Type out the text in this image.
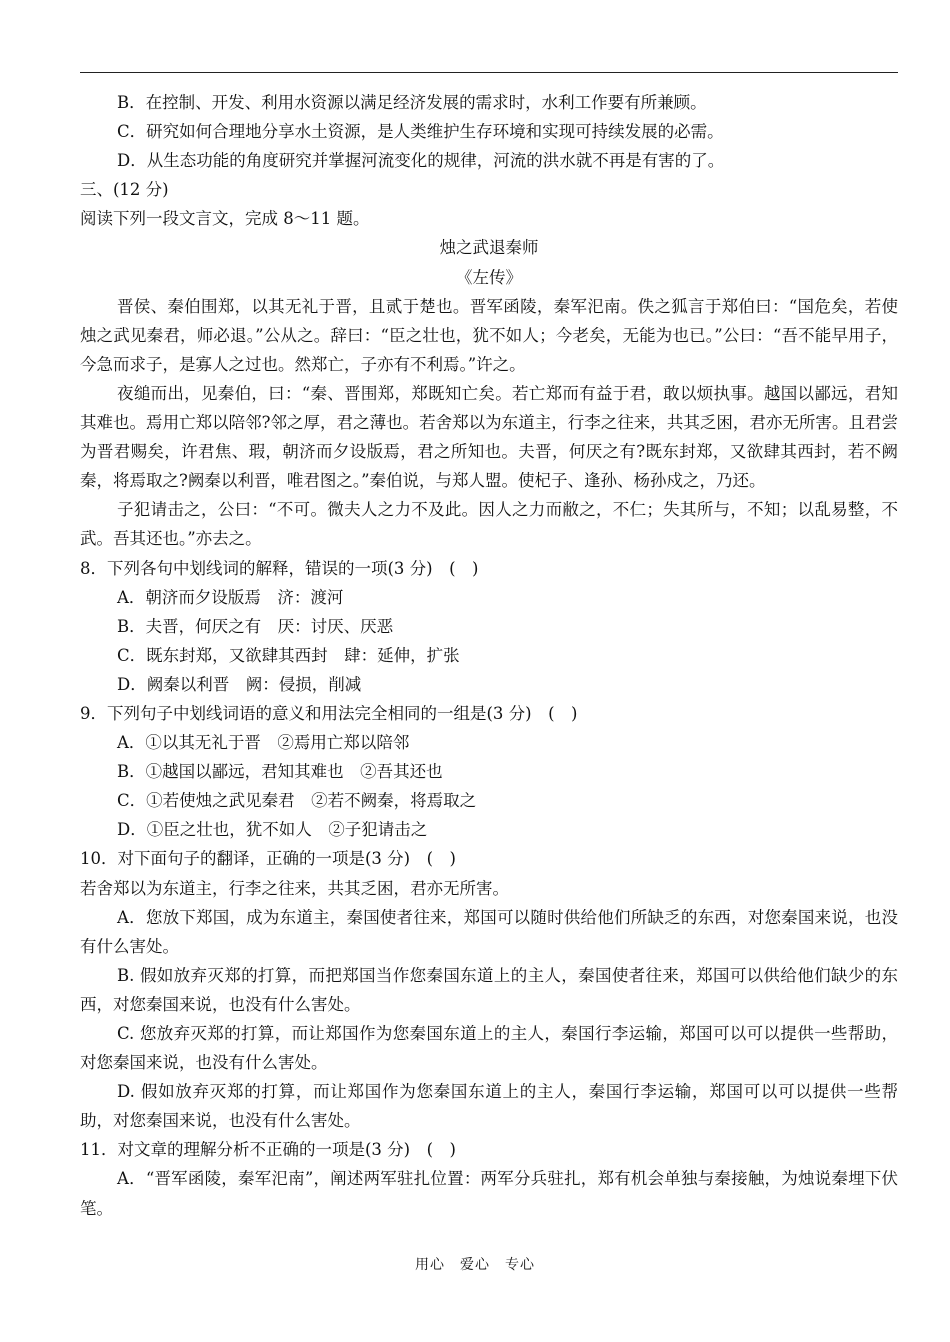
B．在控制、开发、利用水资源以满足经济发展的需求时，水利工作要有所兼顾。
C．研究如何合理地分享水土资源，是人类维护生存环境和实现可持续发展的必需。
D．从生态功能的角度研究并掌握河流变化的规律，河流的洪水就不再是有害的了。
三、(12 分)
阅读下列一段文言文，完成 8～11 题。
烛之武退秦师
《左传》
晋侯、秦伯围郑，以其无礼于晋，且贰于楚也。晋军函陵，秦军汜南。佚之狐言于郑伯曰：“国危矣，若使烛之武见秦君，师必退。”公从之。辞曰：“臣之壮也，犹不如人；今老矣，无能为也已。”公曰：“吾不能早用子，今急而求子，是寡人之过也。然郑亡，子亦有不利焉。”许之。
夜缒而出，见秦伯，曰：“秦、晋围郑，郑既知亡矣。若亡郑而有益于君，敢以烦执事。越国以鄙远，君知其难也。焉用亡郑以陪邻?邻之厚，君之薄也。若舍郑以为东道主，行李之往来，共其乏困，君亦无所害。且君尝为晋君赐矣，许君焦、瑕，朝济而夕设版焉，君之所知也。夫晋，何厌之有?既东封郑，又欲肆其西封，若不阙秦，将焉取之?阙秦以利晋，唯君图之。”秦伯说，与郑人盟。使杞子、逢孙、杨孙戍之，乃还。
子犯请击之，公曰：“不可。微夫人之力不及此。因人之力而敝之，不仁；失其所与，不知；以乱易整，不武。吾其还也。”亦去之。
8．下列各句中划线词的解释，错误的一项(3 分)　(　)
A．朝济而夕设版焉　济：渡河
B．夫晋，何厌之有　厌：讨厌、厌恶
C．既东封郑，又欲肆其西封　肆：延伸，扩张
D．阙秦以利晋　阙：侵损，削减
9．下列句子中划线词语的意义和用法完全相同的一组是(3 分)　(　)
A．①以其无礼于晋　②焉用亡郑以陪邻
B．①越国以鄙远，君知其难也　②吾其还也
C．①若使烛之武见秦君　②若不阙秦，将焉取之
D．①臣之壮也，犹不如人　②子犯请击之
10．对下面句子的翻译，正确的一项是(3 分)　(　)
若舍郑以为东道主，行李之往来，共其乏困，君亦无所害。
A．您放下郑国，成为东道主，秦国使者往来，郑国可以随时供给他们所缺乏的东西，对您秦国来说，也没有什么害处。
B. 假如放弃灭郑的打算，而把郑国当作您秦国东道上的主人，秦国使者往来，郑国可以供给他们缺少的东西，对您秦国来说，也没有什么害处。
C. 您放弃灭郑的打算，而让郑国作为您秦国东道上的主人，秦国行李运输，郑国可以可以提供一些帮助，对您秦国来说，也没有什么害处。
D. 假如放弃灭郑的打算，而让郑国作为您秦国东道上的主人，秦国行李运输，郑国可以可以提供一些帮助，对您秦国来说，也没有什么害处。
11．对文章的理解分析不正确的一项是(3 分)　(　)
A．“晋军函陵，秦军汜南”，阐述两军驻扎位置：两军分兵驻扎，郑有机会单独与秦接触，为烛说秦埋下伏笔。
用心　爱心　专心
